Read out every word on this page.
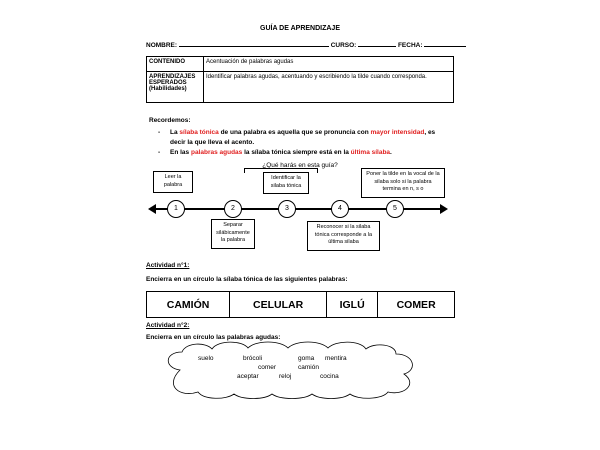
GUÍA DE APRENDIZAJE
NOMBRE:	CURSO:	FECHA:
CONTENIDO	Acentuación de palabras agudas
APRENDIZAJES ESPERADOS (Habilidades)	Identificar palabras agudas, acentuando y escribiendo la tilde cuando corresponda.
Recordemos:
- La sílaba tónica de una palabra es aquella que se pronuncia con mayor intensidad, es decir la que lleva el acento.
- En las palabras agudas la sílaba tónica siempre está en la última sílaba.
¿Qué harás en esta guía?
1	2	3	4	5
Leer la palabra
Separar silábicamente la palabra
Identificar la silaba tónica
Reconocer si la silaba tónica corresponde a la última silaba
Poner la tilde en la vocal de la silaba solo si la palabra termina en n, s o
Actividad n°1:
Encierra en un círculo la sílaba tónica de las siguientes palabras:
CAMIÓN	CELULAR	IGLÚ	COMER
Actividad n°2:
Encierra en un círculo las palabras agudas:
suelo	brócoli	goma mentira
comer	camión
aceptar	reloj	cocina
